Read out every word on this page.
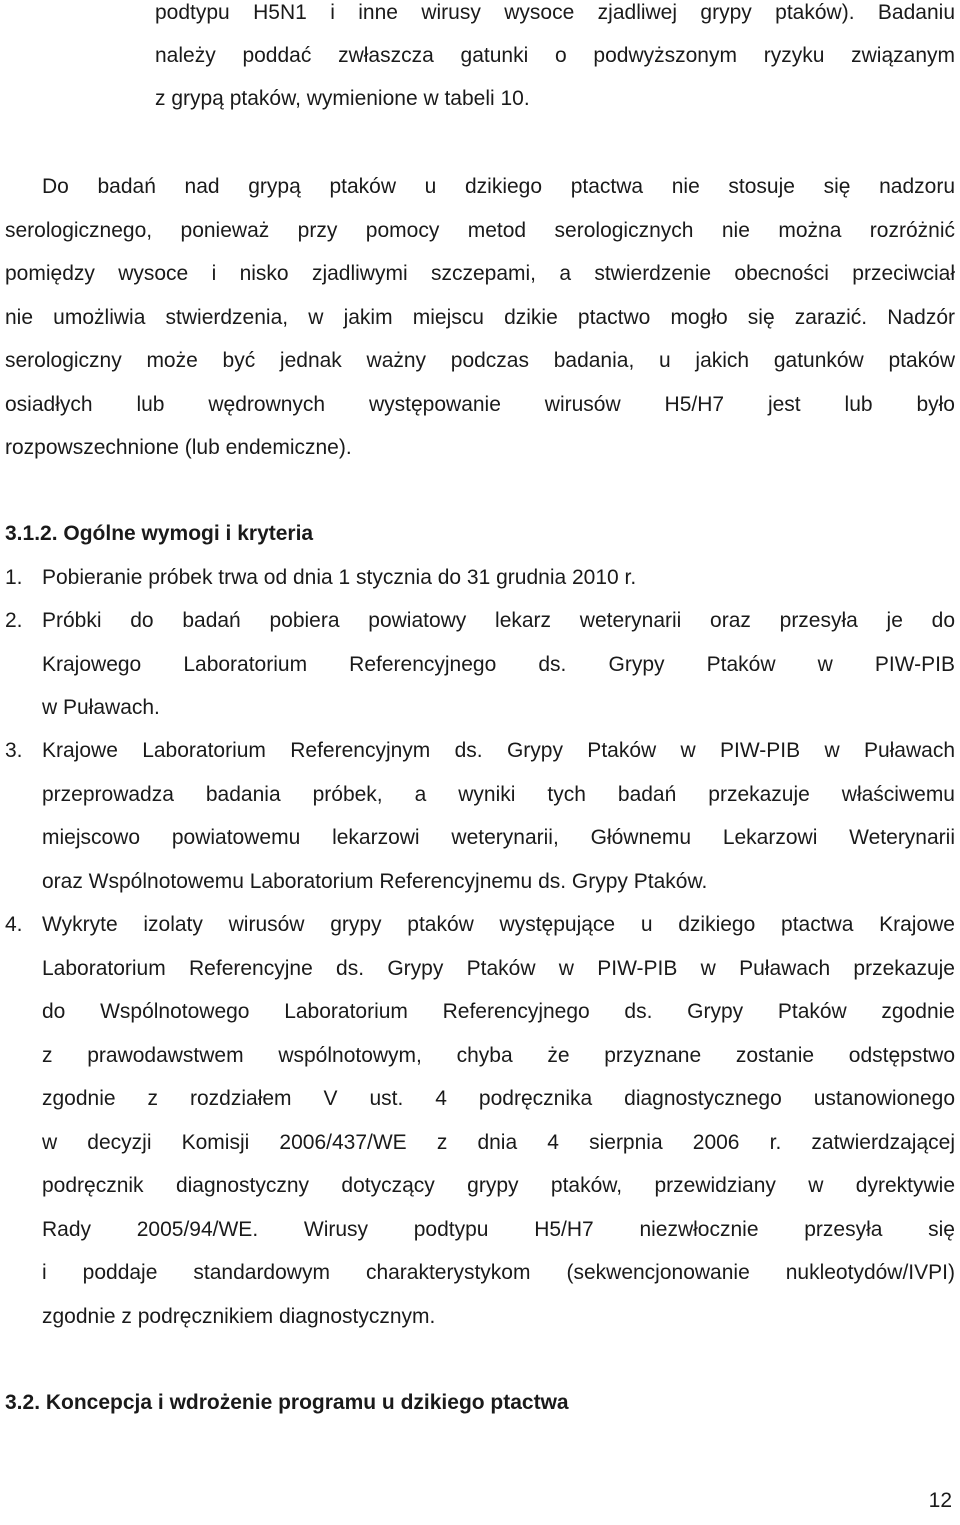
podtypu H5N1 i inne wirusy wysoce zjadliwej grypy ptaków). Badaniu
należy poddać zwłaszcza gatunki o podwyższonym ryzyku związanym
z grypą ptaków, wymienione w tabeli 10.
Do badań nad grypą ptaków u dzikiego ptactwa nie stosuje się nadzoru
serologicznego, ponieważ przy pomocy metod serologicznych nie można rozróżnić
pomiędzy wysoce i nisko zjadliwymi szczepami, a stwierdzenie obecności przeciwciał
nie umożliwia stwierdzenia, w jakim miejscu dzikie ptactwo mogło się zarazić. Nadzór
serologiczny może być jednak ważny podczas badania, u jakich gatunków ptaków
osiadłych lub wędrownych występowanie wirusów H5/H7 jest lub było
rozpowszechnione (lub endemiczne).
3.1.2. Ogólne wymogi i kryteria
1. Pobieranie próbek trwa od dnia 1 stycznia do 31 grudnia 2010 r.
2. Próbki do badań pobiera powiatowy lekarz weterynarii oraz przesyła je do
Krajowego Laboratorium Referencyjnego ds. Grypy Ptaków w PIW-PIB
w Puławach.
3. Krajowe Laboratorium Referencyjnym ds. Grypy Ptaków w PIW-PIB w Puławach
przeprowadza badania próbek, a wyniki tych badań przekazuje właściwemu
miejscowo powiatowemu lekarzowi weterynarii, Głównemu Lekarzowi Weterynarii
oraz Wspólnotowemu Laboratorium Referencyjnemu ds. Grypy Ptaków.
4. Wykryte izolaty wirusów grypy ptaków występujące u dzikiego ptactwa Krajowe
Laboratorium Referencyjne ds. Grypy Ptaków w PIW-PIB w Puławach przekazuje
do Wspólnotowego Laboratorium Referencyjnego ds. Grypy Ptaków zgodnie
z prawodawstwem wspólnotowym, chyba że przyznane zostanie odstępstwo
zgodnie z rozdziałem V ust. 4 podręcznika diagnostycznego ustanowionego
w decyzji Komisji 2006/437/WE z dnia 4 sierpnia 2006 r. zatwierdzającej
podręcznik diagnostyczny dotyczący grypy ptaków, przewidziany w dyrektywie
Rady 2005/94/WE. Wirusy podtypu H5/H7 niezwłocznie przesyła się
i poddaje standardowym charakterystykom (sekwencjonowanie nukleotydów/IVPI)
zgodnie z podręcznikiem diagnostycznym.
3.2. Koncepcja i wdrożenie programu u dzikiego ptactwa
12
